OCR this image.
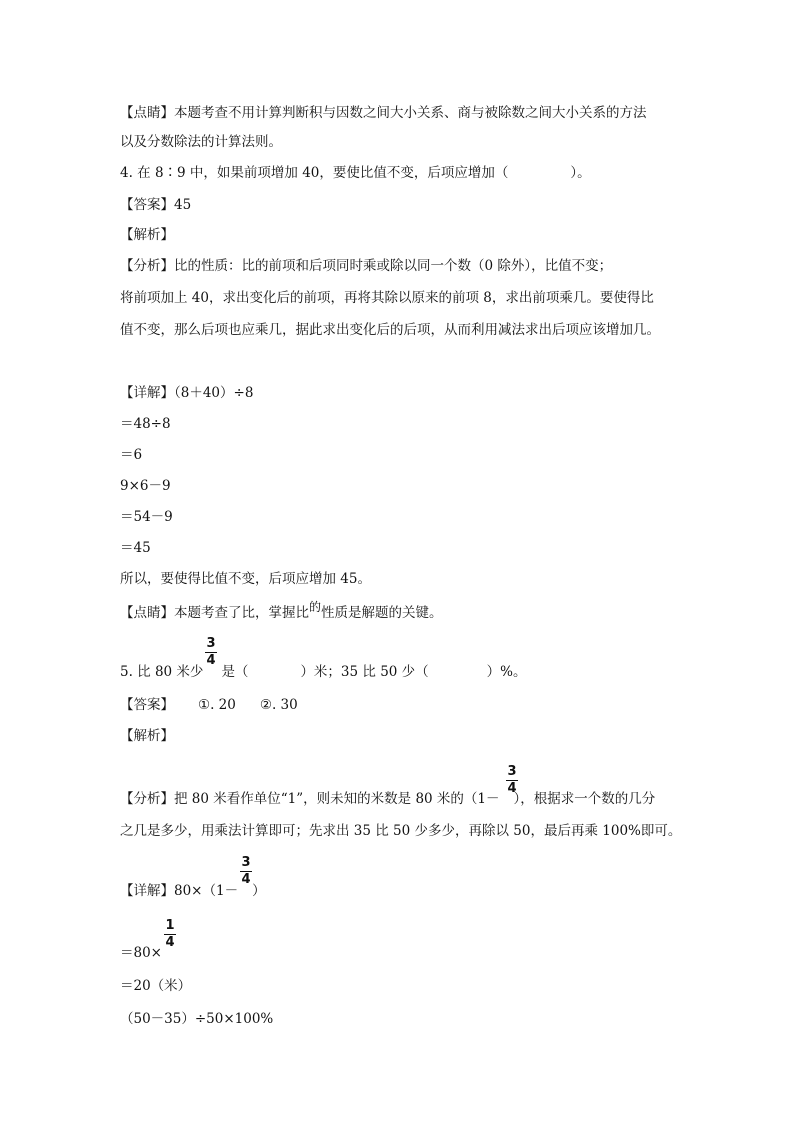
【点睛】本题考查不用计算判断积与因数之间大小关系、商与被除数之间大小关系的方法
以及分数除法的计算法则。
4. 在 8∶9 中，如果前项增加 40，要使比值不变，后项应增加（	）。
【答案】45
【解析】
【分析】比的性质：比的前项和后项同时乘或除以同一个数（0 除外），比值不变；
将前项加上 40，求出变化后的前项，再将其除以原来的前项 8，求出前项乘几。要使得比
值不变，那么后项也应乘几，据此求出变化后的后项，从而利用减法求出后项应该增加几。
【详解】（8＋40）÷8
＝48÷8
＝6
9×6－9
＝54－9
＝45
所以，要使得比值不变，后项应增加 45。
【点睛】本题考查了比，掌握比的性质是解题的关键。
3
4
5. 比 80 米少 是（	）米；35 比 50 少（	）%。
【答案】 ①. 20 ②. 30
【解析】
3
4
【分析】把 80 米看作单位“1”，则未知的米数是 80 米的（1－ ），根据求一个数的几分
之几是多少，用乘法计算即可；先求出 35 比 50 少多少，再除以 50，最后再乘 100%即可。
3
4
【详解】80×（1－ ）
1
4
＝80×
＝20（米）
（50－35）÷50×100%
